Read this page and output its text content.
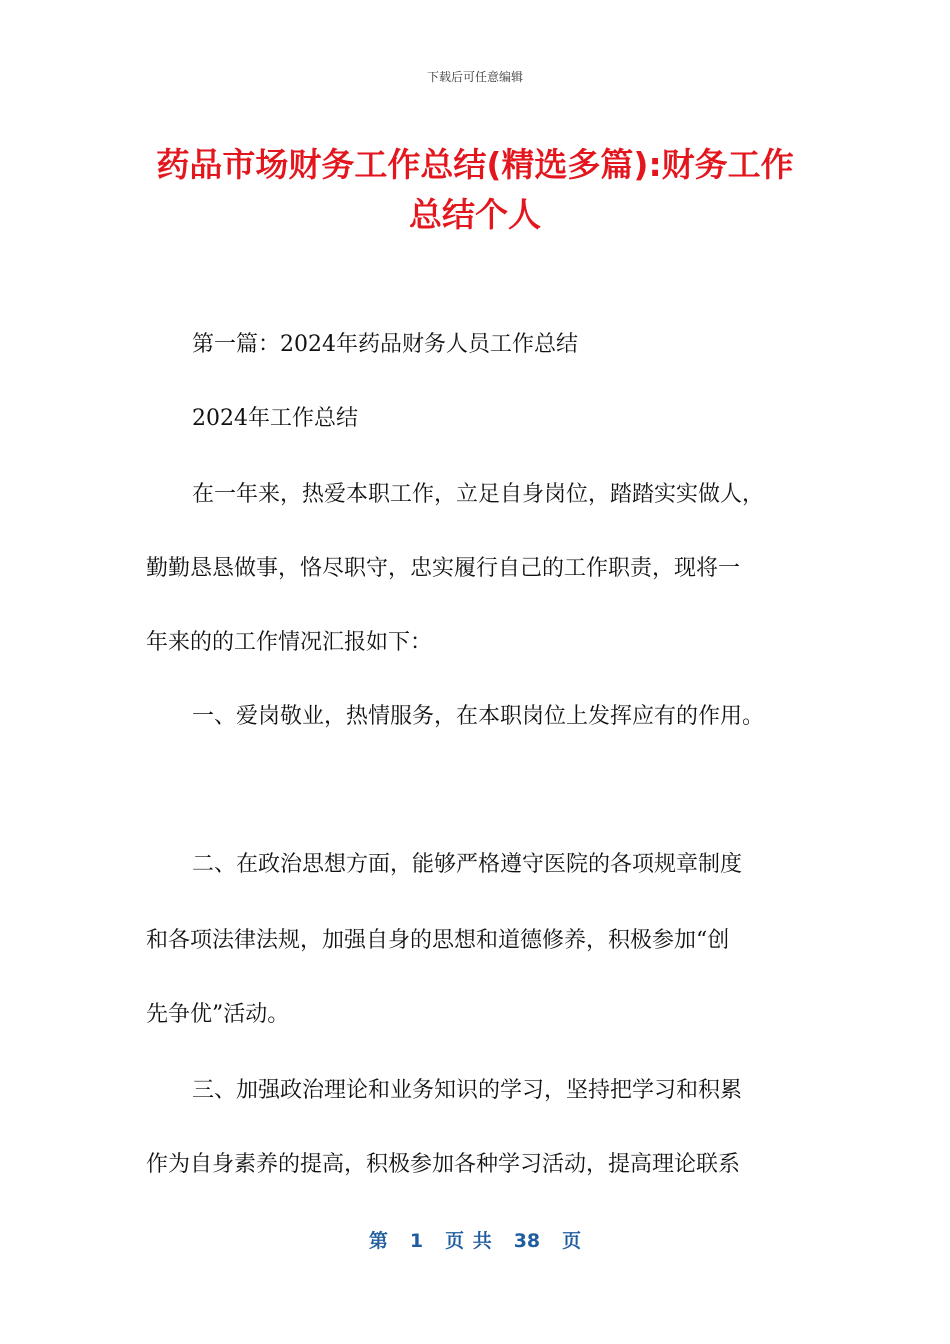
下载后可任意编辑
药品市场财务工作总结(精选多篇):财务工作
总结个人

第一篇：2024年药品财务人员工作总结

2024年工作总结

在一年来，热爱本职工作，立足自身岗位，踏踏实实做人，

勤勤恳恳做事，恪尽职守，忠实履行自己的工作职责，现将一

年来的的工作情况汇报如下：

一、爱岗敬业，热情服务，在本职岗位上发挥应有的作用。

二、在政治思想方面，能够严格遵守医院的各项规章制度

和各项法律法规，加强自身的思想和道德修养，积极参加“创

先争优”活动。

三、加强政治理论和业务知识的学习，坚持把学习和积累

作为自身素养的提高，积极参加各种学习活动，提高理论联系

第 1 页 共 38 页
